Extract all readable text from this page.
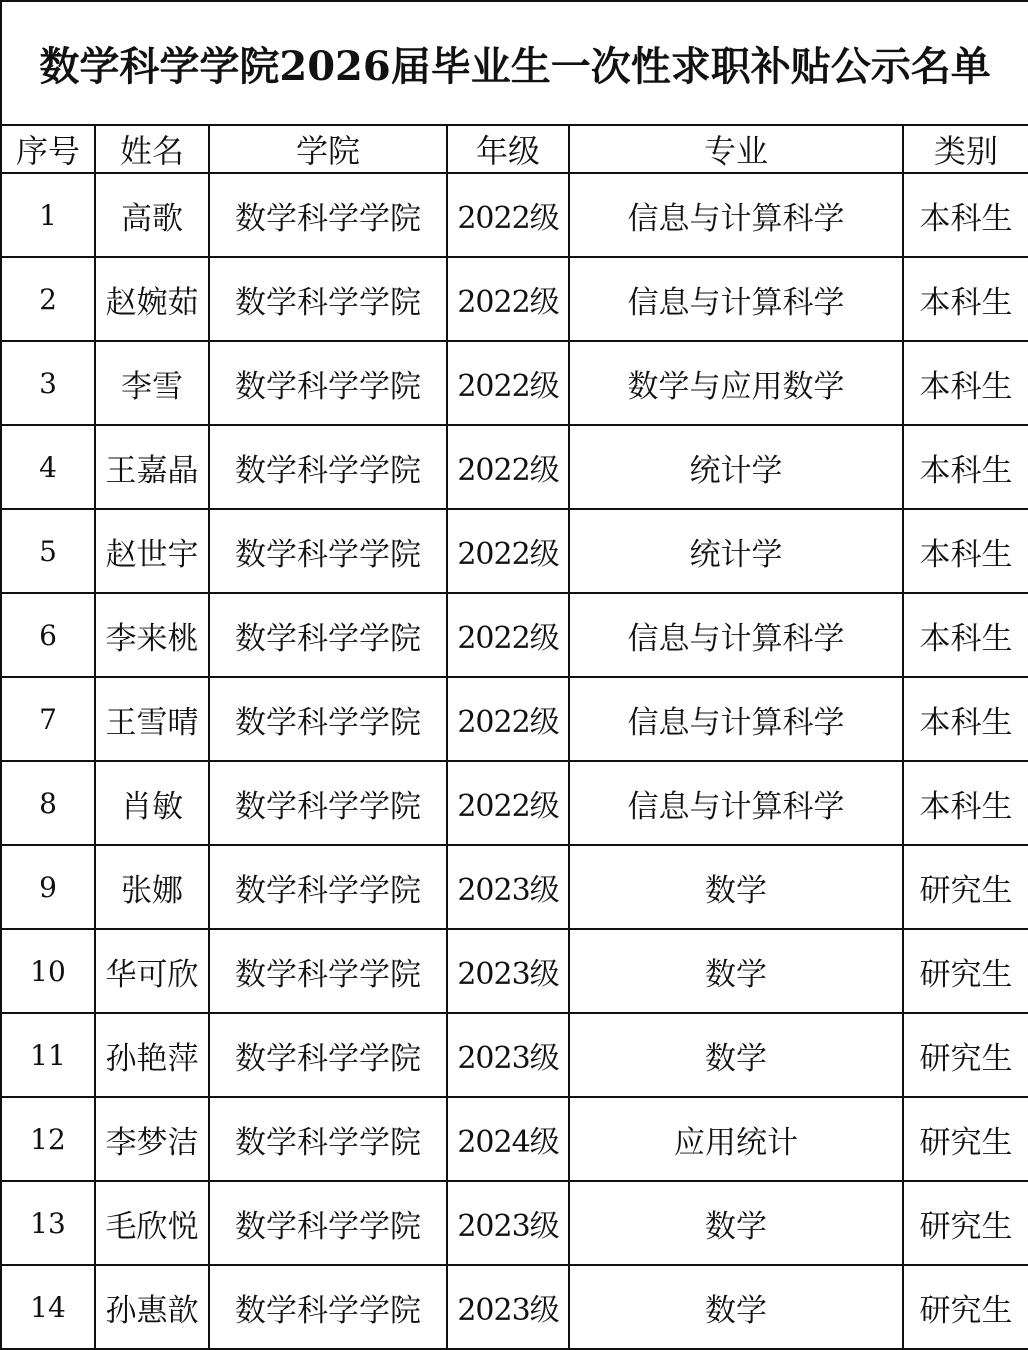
数学科学学院2026届毕业生一次性求职补贴公示名单					
序号	姓名	学院	年级	专业	类别
1	高歌	数学科学学院	2022级	信息与计算科学	本科生
2	赵婉茹	数学科学学院	2022级	信息与计算科学	本科生
3	李雪	数学科学学院	2022级	数学与应用数学	本科生
4	王嘉晶	数学科学学院	2022级	统计学	本科生
5	赵世宇	数学科学学院	2022级	统计学	本科生
6	李来桃	数学科学学院	2022级	信息与计算科学	本科生
7	王雪晴	数学科学学院	2022级	信息与计算科学	本科生
8	肖敏	数学科学学院	2022级	信息与计算科学	本科生
9	张娜	数学科学学院	2023级	数学	研究生
10	华可欣	数学科学学院	2023级	数学	研究生
11	孙艳萍	数学科学学院	2023级	数学	研究生
12	李梦洁	数学科学学院	2024级	应用统计	研究生
13	毛欣悦	数学科学学院	2023级	数学	研究生
14	孙惠歆	数学科学学院	2023级	数学	研究生
